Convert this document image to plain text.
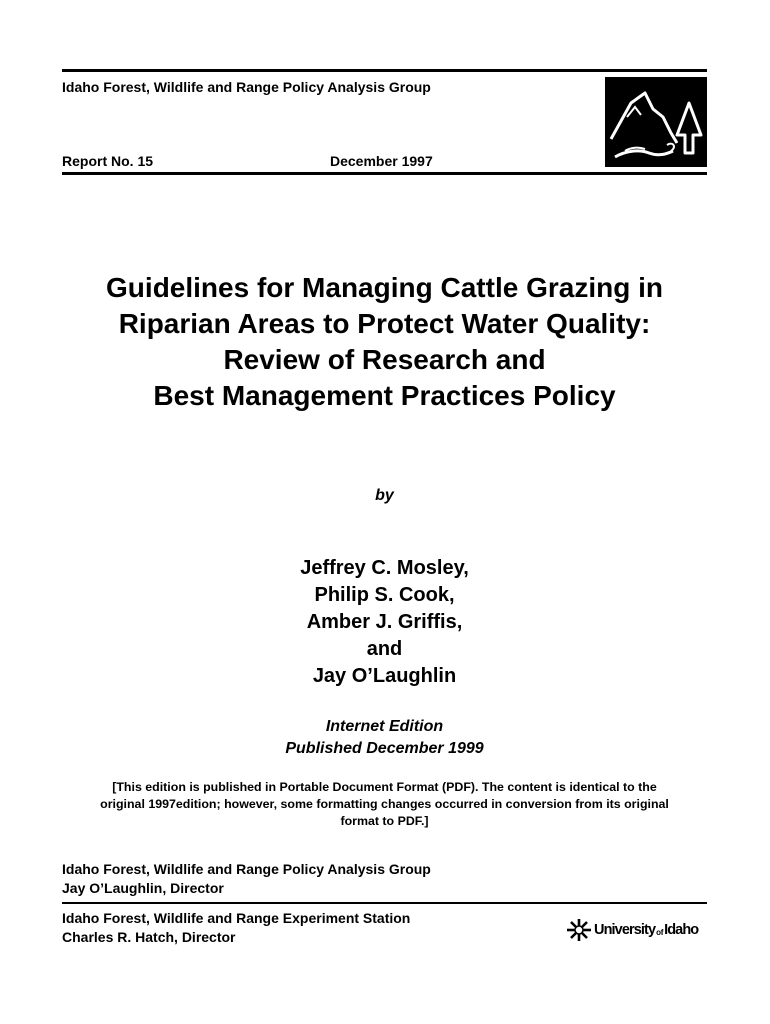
Idaho Forest, Wildlife and Range Policy Analysis Group
Report No. 15	December 1997
Guidelines for Managing Cattle Grazing in
Riparian Areas to Protect Water Quality:
Review of Research and
Best Management Practices Policy
by
Jeffrey C. Mosley,
Philip S. Cook,
Amber J. Griffis,
and
Jay O’Laughlin
Internet Edition
Published December 1999
[This edition is published in Portable Document Format (PDF). The content is identical to the
original 1997edition; however, some formatting changes occurred in conversion from its original
format to PDF.]
Idaho Forest, Wildlife and Range Policy Analysis Group
Jay O’Laughlin, Director
Idaho Forest, Wildlife and Range Experiment Station
Charles R. Hatch, Director	University of Idaho
